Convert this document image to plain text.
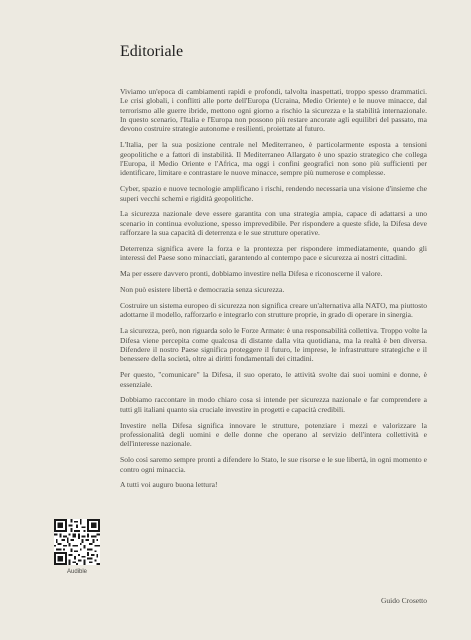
Editoriale

Viviamo un'epoca di cambiamenti rapidi e profondi, talvolta inaspettati, troppo spesso drammatici. Le crisi globali, i conflitti alle porte dell'Europa (Ucraina, Medio Oriente) e le nuove minacce, dal terrorismo alle guerre ibride, mettono ogni giorno a rischio la sicurezza e la stabilità internazionale. In questo scenario, l'Italia e l'Europa non possono più restare ancorate agli equilibri del passato, ma devono costruire strategie autonome e resilienti, proiettate al futuro.

L'Italia, per la sua posizione centrale nel Mediterraneo, è particolarmente esposta a tensioni geopolitiche e a fattori di instabilità. Il Mediterraneo Allargato è uno spazio strategico che collega l'Europa, il Medio Oriente e l'Africa, ma oggi i confini geografici non sono più sufficienti per identificare, limitare e contrastare le nuove minacce, sempre più numerose e complesse.

Cyber, spazio e nuove tecnologie amplificano i rischi, rendendo necessaria una visione d'insieme che superi vecchi schemi e rigidità geopolitiche.

La sicurezza nazionale deve essere garantita con una strategia ampia, capace di adattarsi a uno scenario in continua evoluzione, spesso imprevedibile. Per rispondere a queste sfide, la Difesa deve rafforzare la sua capacità di deterrenza e le sue strutture operative.

Deterrenza significa avere la forza e la prontezza per rispondere immediatamente, quando gli interessi del Paese sono minacciati, garantendo al contempo pace e sicurezza ai nostri cittadini.

Ma per essere davvero pronti, dobbiamo investire nella Difesa e riconoscerne il valore.

Non può esistere libertà e democrazia senza sicurezza.

Costruire un sistema europeo di sicurezza non significa creare un'alternativa alla NATO, ma piuttosto adottarne il modello, rafforzarlo e integrarlo con strutture proprie, in grado di operare in sinergia.

La sicurezza, però, non riguarda solo le Forze Armate: è una responsabilità collettiva. Troppo volte la Difesa viene percepita come qualcosa di distante dalla vita quotidiana, ma la realtà è ben diversa. Difendere il nostro Paese significa proteggere il futuro, le imprese, le infrastrutture strategiche e il benessere della società, oltre ai diritti fondamentali dei cittadini.

Per questo, "comunicare" la Difesa, il suo operato, le attività svolte dai suoi uomini e donne, è essenziale.

Dobbiamo raccontare in modo chiaro cosa si intende per sicurezza nazionale e far comprendere a tutti gli italiani quanto sia cruciale investire in progetti e capacità credibili.

Investire nella Difesa significa innovare le strutture, potenziare i mezzi e valorizzare la professionalità degli uomini e delle donne che operano al servizio dell'intera collettività e dell'interesse nazionale.

Solo così saremo sempre pronti a difendere lo Stato, le sue risorse e le sue libertà, in ogni momento e contro ogni minaccia.

A tutti voi auguro buona lettura!

Guido Crosetto
Audible
